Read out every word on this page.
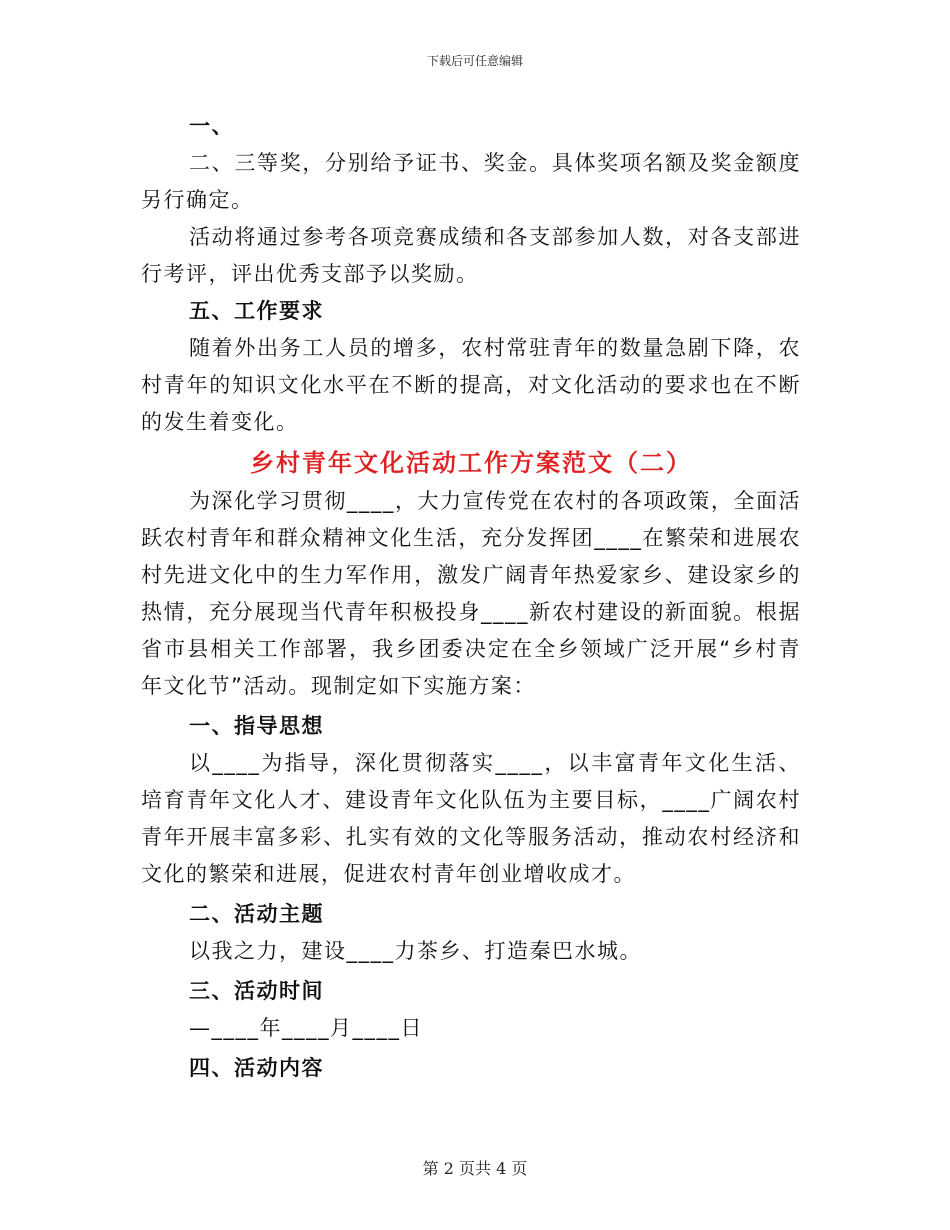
下载后可任意编辑

一、

二、三等奖，分别给予证书、奖金。具体奖项名额及奖金额度另行确定。

活动将通过参考各项竞赛成绩和各支部参加人数，对各支部进行考评，评出优秀支部予以奖励。

五、工作要求

随着外出务工人员的增多，农村常驻青年的数量急剧下降，农村青年的知识文化水平在不断的提高，对文化活动的要求也在不断的发生着变化。

乡村青年文化活动工作方案范文（二）

为深化学习贯彻____，大力宣传党在农村的各项政策，全面活跃农村青年和群众精神文化生活，充分发挥团____在繁荣和进展农村先进文化中的生力军作用，激发广阔青年热爱家乡、建设家乡的热情，充分展现当代青年积极投身____新农村建设的新面貌。根据省市县相关工作部署，我乡团委决定在全乡领域广泛开展“乡村青年文化节”活动。现制定如下实施方案：

一、指导思想

以____为指导，深化贯彻落实____，以丰富青年文化生活、培育青年文化人才、建设青年文化队伍为主要目标，____广阔农村青年开展丰富多彩、扎实有效的文化等服务活动，推动农村经济和文化的繁荣和进展，促进农村青年创业增收成才。

二、活动主题

以我之力，建设____力茶乡、打造秦巴水城。

三、活动时间

—____年____月____日

四、活动内容

第 2 页共 4 页
